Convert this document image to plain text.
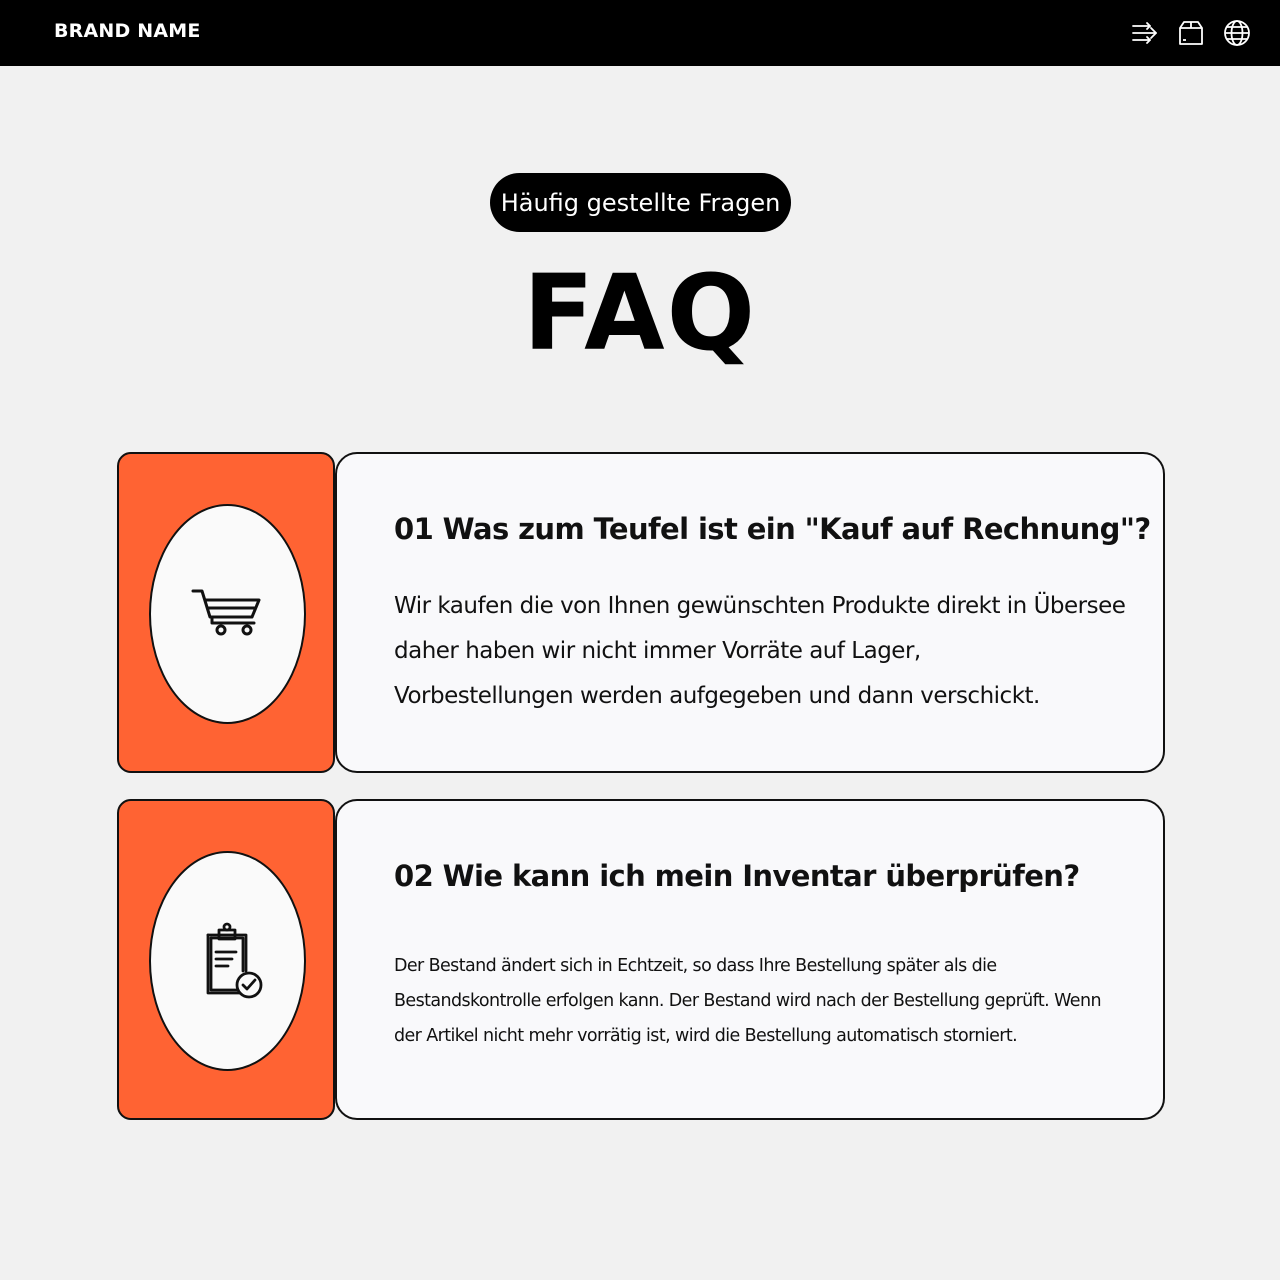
BRAND NAME
Häufig gestellte Fragen
FAQ
01 Was zum Teufel ist ein "Kauf auf Rechnung"?
Wir kaufen die von Ihnen gewünschten Produkte direkt in Übersee
daher haben wir nicht immer Vorräte auf Lager,
Vorbestellungen werden aufgegeben und dann verschickt.
02 Wie kann ich mein Inventar überprüfen?
Der Bestand ändert sich in Echtzeit, so dass Ihre Bestellung später als die
Bestandskontrolle erfolgen kann. Der Bestand wird nach der Bestellung geprüft. Wenn
der Artikel nicht mehr vorrätig ist, wird die Bestellung automatisch storniert.
